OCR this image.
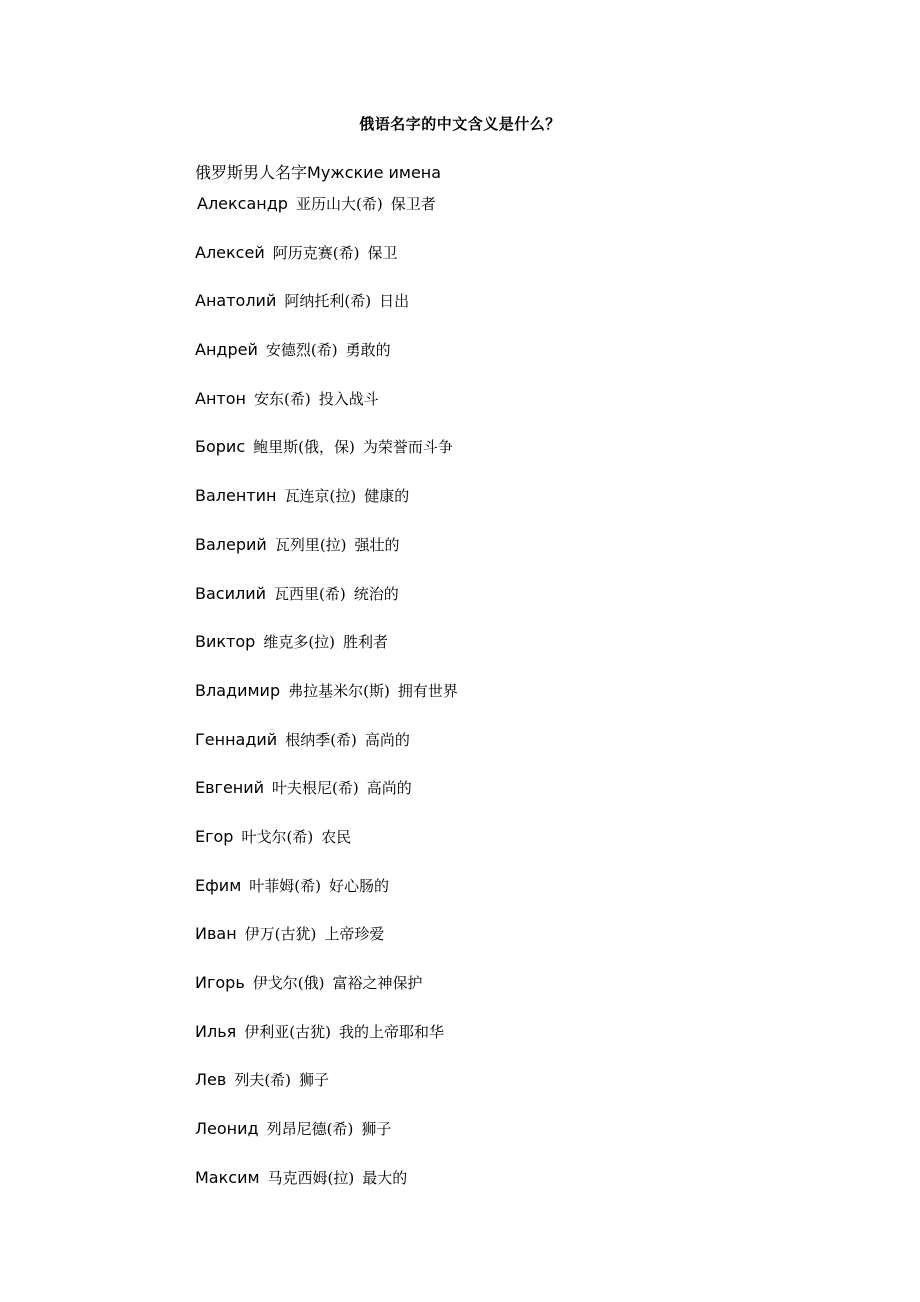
俄语名字的中文含义是什么？
俄罗斯男人名字Мужские имена
Александр 亚历山大(希) 保卫者
Алексей 阿历克赛(希) 保卫
Анатолий 阿纳托利(希) 日出
Андрей 安德烈(希) 勇敢的
Антон 安东(希) 投入战斗
Борис 鲍里斯(俄，保) 为荣誉而斗争
Валентин 瓦连京(拉) 健康的
Валерий 瓦列里(拉) 强壮的
Василий 瓦西里(希) 统治的
Виктор 维克多(拉) 胜利者
Владимир 弗拉基米尔(斯) 拥有世界
Геннадий 根纳季(希) 高尚的
Евгений 叶夫根尼(希) 高尚的
Егор 叶戈尔(希) 农民
Ефим 叶菲姆(希) 好心肠的
Иван 伊万(古犹) 上帝珍爱
Игорь 伊戈尔(俄) 富裕之神保护
Илья 伊利亚(古犹) 我的上帝耶和华
Лев 列夫(希) 狮子
Леонид 列昂尼德(希) 狮子
Максим 马克西姆(拉) 最大的
